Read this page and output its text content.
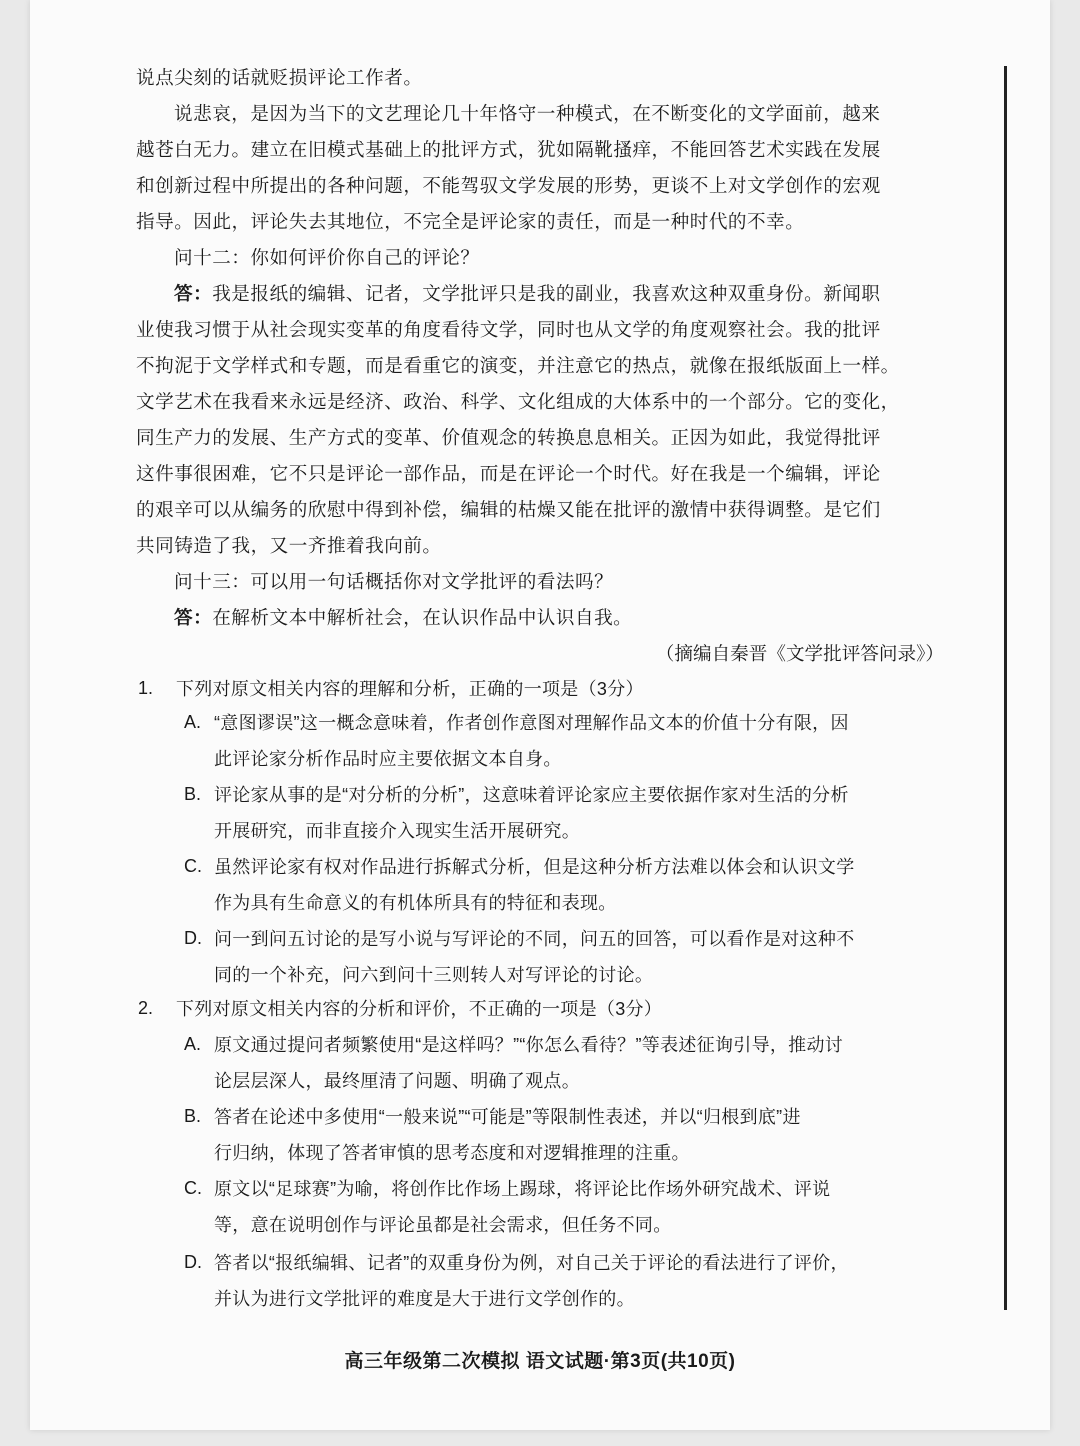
说点尖刻的话就贬损评论工作者。

说悲哀，是因为当下的文艺理论几十年恪守一种模式，在不断变化的文学面前，越来

越苍白无力。建立在旧模式基础上的批评方式，犹如隔靴搔痒，不能回答艺术实践在发展

和创新过程中所提出的各种问题，不能驾驭文学发展的形势，更谈不上对文学创作的宏观

指导。因此，评论失去其地位，不完全是评论家的责任，而是一种时代的不幸。

问十二：你如何评价你自己的评论？

答：我是报纸的编辑、记者，文学批评只是我的副业，我喜欢这种双重身份。新闻职

业使我习惯于从社会现实变革的角度看待文学，同时也从文学的角度观察社会。我的批评

不拘泥于文学样式和专题，而是看重它的演变，并注意它的热点，就像在报纸版面上一样。

文学艺术在我看来永远是经济、政治、科学、文化组成的大体系中的一个部分。它的变化，

同生产力的发展、生产方式的变革、价值观念的转换息息相关。正因为如此，我觉得批评

这件事很困难，它不只是评论一部作品，而是在评论一个时代。好在我是一个编辑，评论

的艰辛可以从编务的欣慰中得到补偿，编辑的枯燥又能在批评的激情中获得调整。是它们

共同铸造了我，又一齐推着我向前。

问十三：可以用一句话概括你对文学批评的看法吗？

答：在解析文本中解析社会，在认识作品中认识自我。

（摘编自秦晋《文学批评答问录》）
1. 下列对原文相关内容的理解和分析，正确的一项是（3分）

A. “意图谬误”这一概念意味着，作者创作意图对理解作品文本的价值十分有限，因

此评论家分析作品时应主要依据文本自身。

B. 评论家从事的是“对分析的分析”，这意味着评论家应主要依据作家对生活的分析

开展研究，而非直接介入现实生活开展研究。

C. 虽然评论家有权对作品进行拆解式分析，但是这种分析方法难以体会和认识文学

作为具有生命意义的有机体所具有的特征和表现。

D. 问一到问五讨论的是写小说与写评论的不同，问五的回答，可以看作是对这种不

同的一个补充，问六到问十三则转人对写评论的讨论。

2. 下列对原文相关内容的分析和评价，不正确的一项是（3分）

A. 原文通过提问者频繁使用“是这样吗？”“你怎么看待？”等表述征询引导，推动讨

论层层深人，最终厘清了问题、明确了观点。

B. 答者在论述中多使用“一般来说”“可能是”等限制性表述，并以“归根到底”进

行归纳，体现了答者审慎的思考态度和对逻辑推理的注重。

C. 原文以“足球赛”为喻，将创作比作场上踢球，将评论比作场外研究战术、评说

等，意在说明创作与评论虽都是社会需求，但任务不同。

D. 答者以“报纸编辑、记者”的双重身份为例，对自己关于评论的看法进行了评价，

并认为进行文学批评的难度是大于进行文学创作的。

高三年级第二次模拟 语文试题·第3页(共10页)
